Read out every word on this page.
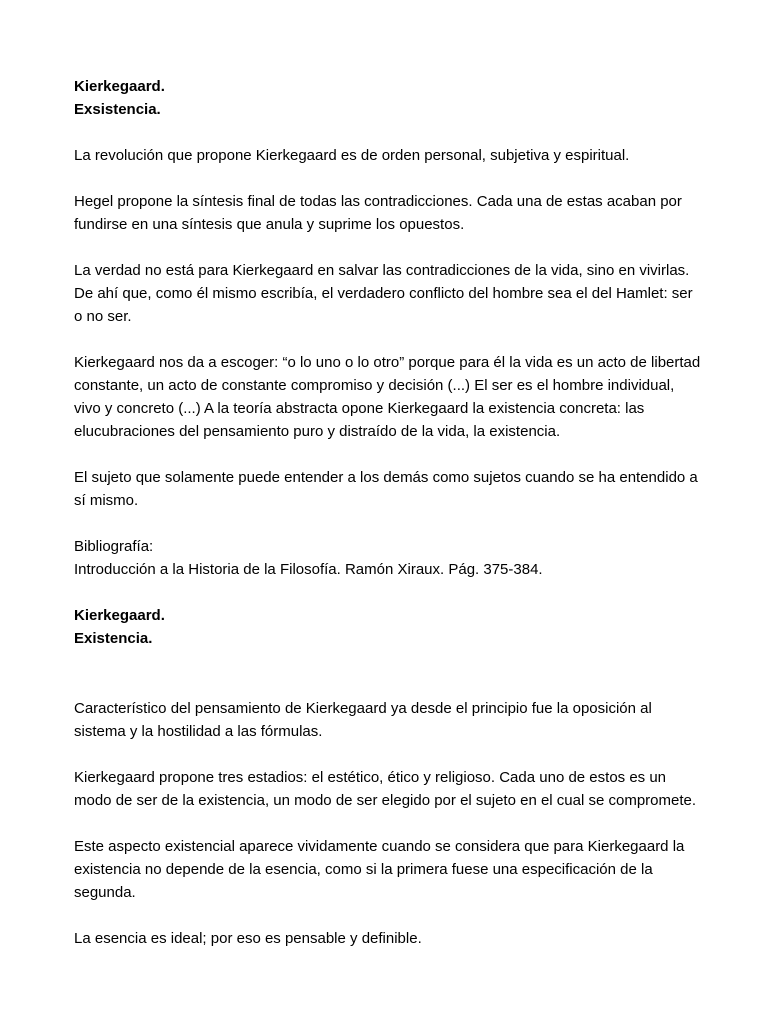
Kierkegaard.
Exsistencia.

La revolución que propone Kierkegaard es de orden personal, subjetiva y espiritual.

Hegel propone la síntesis final de todas las contradicciones. Cada una de estas acaban por fundirse en una síntesis que anula y suprime los opuestos.

La verdad no está para Kierkegaard en salvar las contradicciones de la vida, sino en vivirlas. De ahí que, como él mismo escribía, el verdadero conflicto del hombre sea el del Hamlet: ser o no ser.

Kierkegaard nos da a escoger: “o lo uno o lo otro” porque para él la vida es un acto de libertad constante, un acto de constante compromiso y decisión (...) El ser es el hombre individual, vivo y concreto (...) A la teoría abstracta opone Kierkegaard la existencia concreta: las elucubraciones del pensamiento puro y distraído de la vida, la existencia.

El sujeto que solamente puede entender a los demás como sujetos cuando se ha entendido a sí mismo.

Bibliografía:
Introducción a la Historia de la Filosofía. Ramón Xiraux. Pág. 375-384.
Kierkegaard.
Existencia.

Característico del pensamiento de Kierkegaard ya desde el principio fue la oposición al sistema y la hostilidad a las fórmulas.

Kierkegaard propone tres estadios: el estético, ético y religioso. Cada uno de estos es un modo de ser de la existencia, un modo de ser elegido por el sujeto en el cual se compromete.

Este aspecto existencial aparece vividamente cuando se considera que para Kierkegaard la existencia no depende de la esencia, como si la primera fuese una especificación de la segunda.

La esencia es ideal; por eso es pensable y definible.
